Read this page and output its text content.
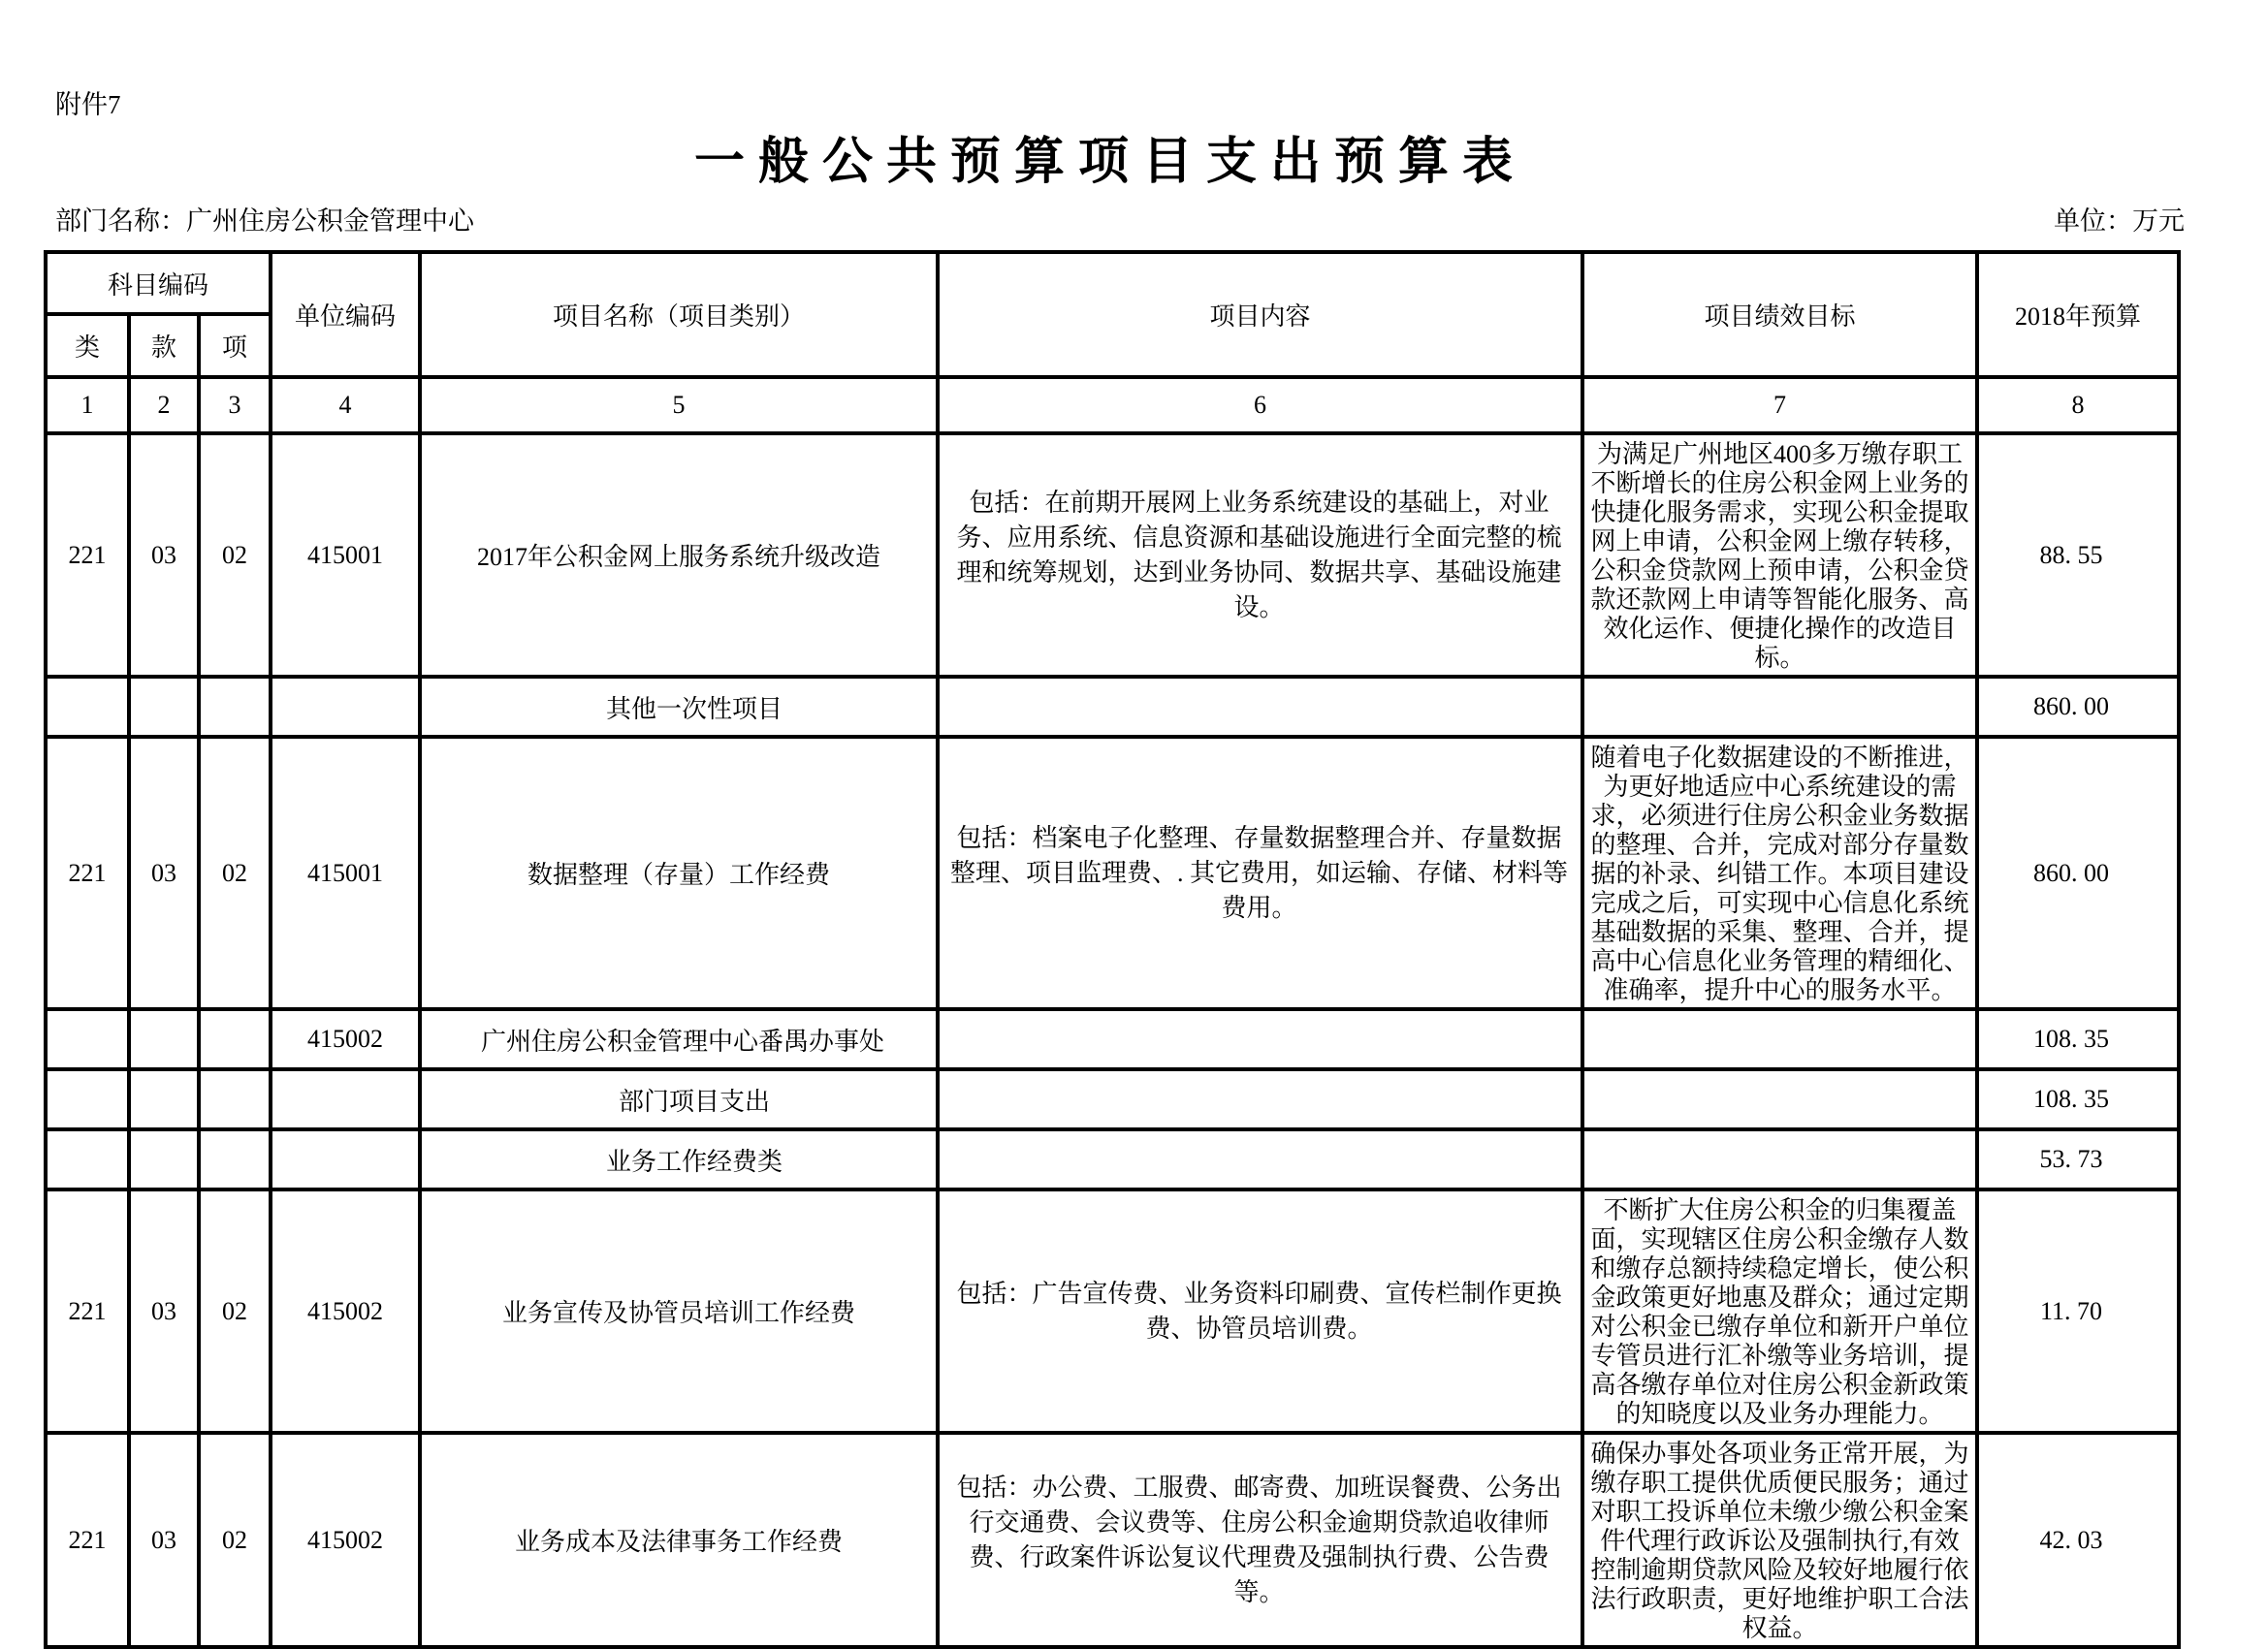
附件7
一般公共预算项目支出预算表
部门名称：广州住房公积金管理中心	单位：万元
科目编码			单位编码	项目名称（项目类别）	项目内容	项目绩效目标	2018年预算
类	款	项					
1	2	3	4	5	6	7	8
221	03	02	415001	2017年公积金网上服务系统升级改造	包括：在前期开展网上业务系统建设的基础上，对业务、应用系统、信息资源和基础设施进行全面完整的梳理和统筹规划，达到业务协同、数据共享、基础设施建设。	为满足广州地区400多万缴存职工不断增长的住房公积金网上业务的快捷化服务需求，实现公积金提取网上申请，公积金网上缴存转移，公积金贷款网上预申请，公积金贷款还款网上申请等智能化服务、高效化运作、便捷化操作的改造目标。	88. 55
				其他一次性项目			860. 00
221	03	02	415001	数据整理（存量）工作经费	包括：档案电子化整理、存量数据整理合并、存量数据整理、项目监理费、. 其它费用，如运输、存储、材料等费用。	随着电子化数据建设的不断推进，为更好地适应中心系统建设的需求，必须进行住房公积金业务数据的整理、合并，完成对部分存量数据的补录、纠错工作。本项目建设完成之后，可实现中心信息化系统基础数据的采集、整理、合并，提高中心信息化业务管理的精细化、准确率，提升中心的服务水平。	860. 00
			415002	广州住房公积金管理中心番禺办事处			108. 35
				部门项目支出			108. 35
				业务工作经费类			53. 73
221	03	02	415002	业务宣传及协管员培训工作经费	包括：广告宣传费、业务资料印刷费、宣传栏制作更换费、协管员培训费。	不断扩大住房公积金的归集覆盖面，实现辖区住房公积金缴存人数和缴存总额持续稳定增长，使公积金政策更好地惠及群众；通过定期对公积金已缴存单位和新开户单位专管员进行汇补缴等业务培训，提高各缴存单位对住房公积金新政策的知晓度以及业务办理能力。	11. 70
221	03	02	415002	业务成本及法律事务工作经费	包括：办公费、工服费、邮寄费、加班误餐费、公务出行交通费、会议费等、住房公积金逾期贷款追收律师费、行政案件诉讼复议代理费及强制执行费、公告费等。	确保办事处各项业务正常开展，为缴存职工提供优质便民服务；通过对职工投诉单位未缴少缴公积金案件代理行政诉讼及强制执行,有效控制逾期贷款风险及较好地履行依法行政职责，更好地维护职工合法权益。	42. 03
